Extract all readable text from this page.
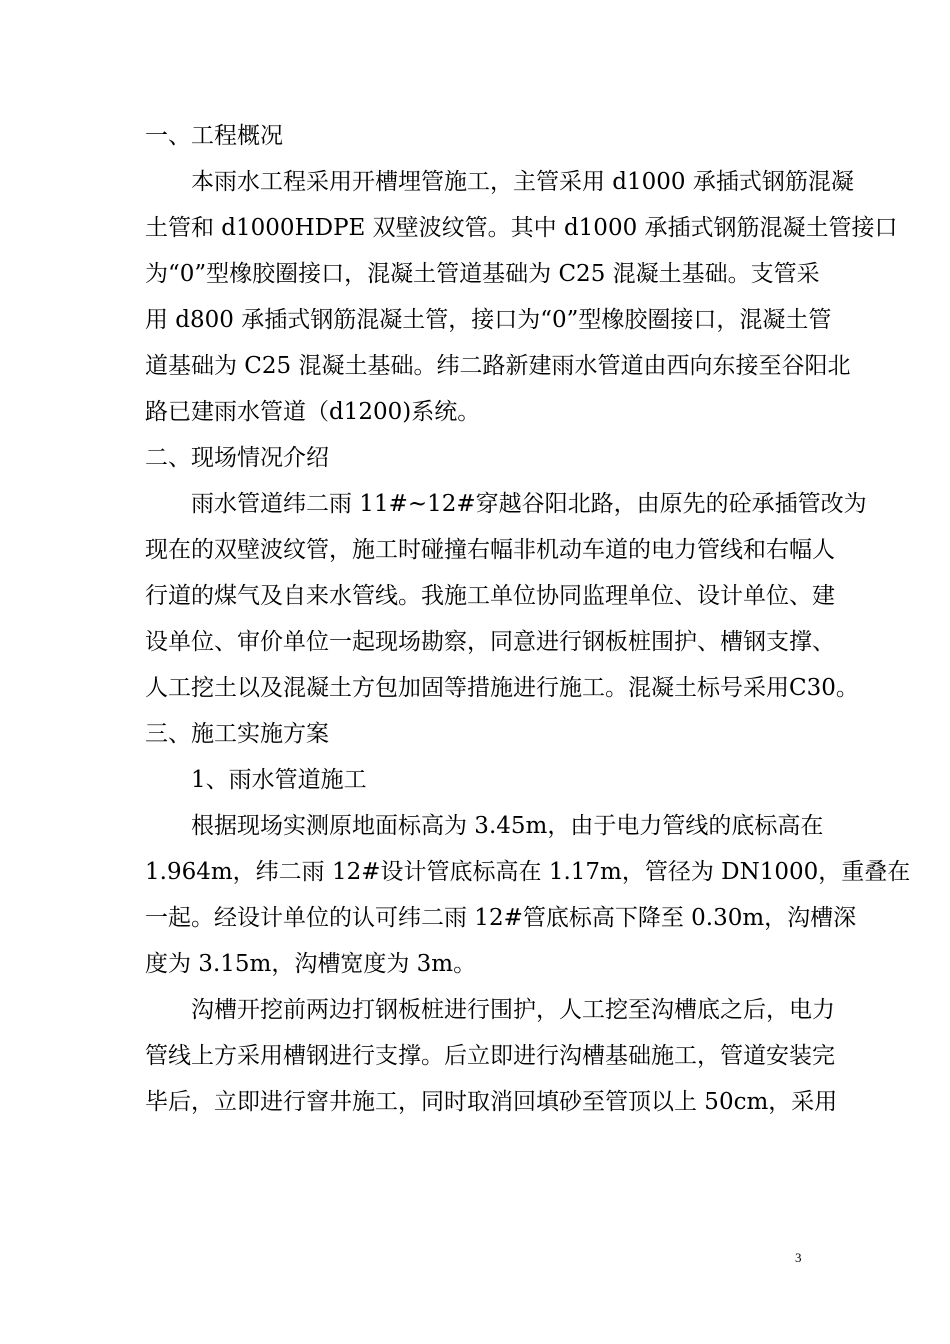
一、工程概况
本雨水工程采用开槽埋管施工，主管采用 d1000 承插式钢筋混凝
土管和 d1000HDPE 双壁波纹管。其中 d1000 承插式钢筋混凝土管接口
为“0”型橡胶圈接口，混凝土管道基础为 C25 混凝土基础。支管采
用 d800 承插式钢筋混凝土管，接口为“0”型橡胶圈接口，混凝土管
道基础为 C25 混凝土基础。纬二路新建雨水管道由西向东接至谷阳北
路已建雨水管道（d1200)系统。
二、现场情况介绍
雨水管道纬二雨 11#~12#穿越谷阳北路，由原先的砼承插管改为
现在的双壁波纹管，施工时碰撞右幅非机动车道的电力管线和右幅人
行道的煤气及自来水管线。我施工单位协同监理单位、设计单位、建
设单位、审价单位一起现场勘察，同意进行钢板桩围护、槽钢支撑、
人工挖土以及混凝土方包加固等措施进行施工。混凝土标号采用C30。
三、施工实施方案
1、雨水管道施工
根据现场实测原地面标高为 3.45m，由于电力管线的底标高在
1.964m，纬二雨 12#设计管底标高在 1.17m，管径为 DN1000，重叠在
一起。经设计单位的认可纬二雨 12#管底标高下降至 0.30m，沟槽深
度为 3.15m，沟槽宽度为 3m。
沟槽开挖前两边打钢板桩进行围护，人工挖至沟槽底之后，电力
管线上方采用槽钢进行支撑。后立即进行沟槽基础施工，管道安装完
毕后，立即进行窨井施工，同时取消回填砂至管顶以上 50cm，采用
3
